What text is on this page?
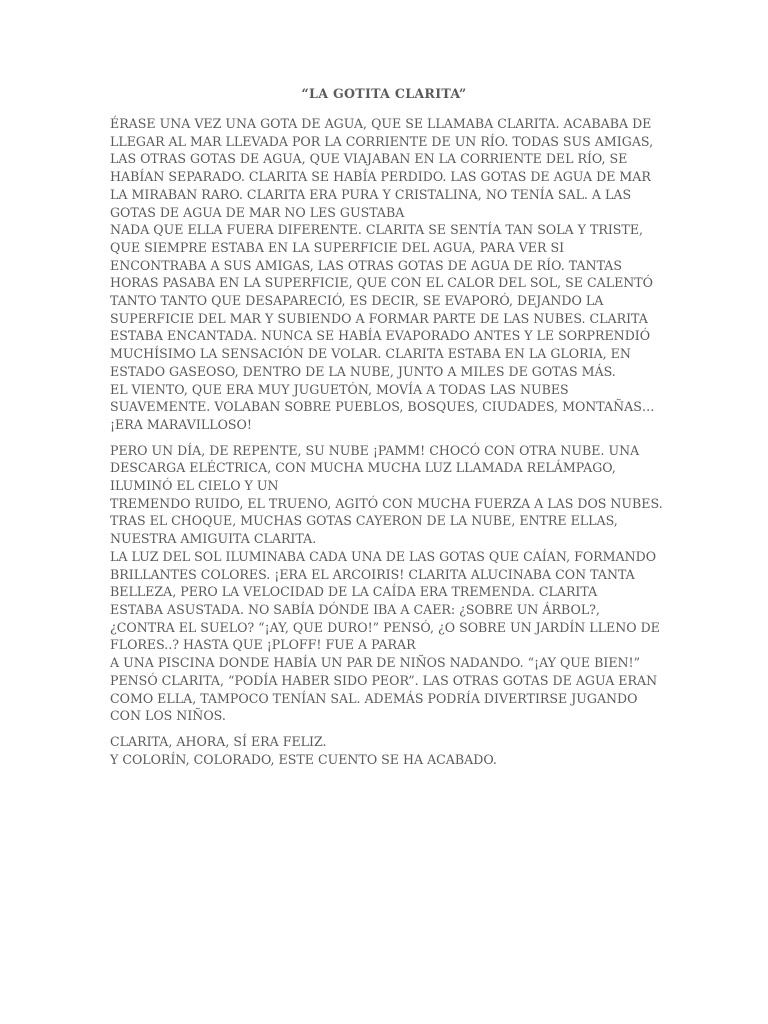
“LA GOTITA CLARITA”

ÉRASE UNA VEZ UNA GOTA DE AGUA, QUE SE LLAMABA CLARITA. ACABABA DE
LLEGAR AL MAR LLEVADA POR LA CORRIENTE DE UN RÍO. TODAS SUS AMIGAS,
LAS OTRAS GOTAS DE AGUA, QUE VIAJABAN EN LA CORRIENTE DEL RÍO, SE
HABÍAN SEPARADO. CLARITA SE HABÍA PERDIDO. LAS GOTAS DE AGUA DE MAR
LA MIRABAN RARO. CLARITA ERA PURA Y CRISTALINA, NO TENÍA SAL. A LAS
GOTAS DE AGUA DE MAR NO LES GUSTABA
NADA QUE ELLA FUERA DIFERENTE. CLARITA SE SENTÍA TAN SOLA Y TRISTE,
QUE SIEMPRE ESTABA EN LA SUPERFICIE DEL AGUA, PARA VER SI
ENCONTRABA A SUS AMIGAS, LAS OTRAS GOTAS DE AGUA DE RÍO. TANTAS
HORAS PASABA EN LA SUPERFICIE, QUE CON EL CALOR DEL SOL, SE CALENTÓ
TANTO TANTO QUE DESAPARECIÓ, ES DECIR, SE EVAPORÓ, DEJANDO LA
SUPERFICIE DEL MAR Y SUBIENDO A FORMAR PARTE DE LAS NUBES. CLARITA
ESTABA ENCANTADA. NUNCA SE HABÍA EVAPORADO ANTES Y LE SORPRENDIÓ
MUCHÍSIMO LA SENSACIÓN DE VOLAR. CLARITA ESTABA EN LA GLORIA, EN
ESTADO GASEOSO, DENTRO DE LA NUBE, JUNTO A MILES DE GOTAS MÁS.
EL VIENTO, QUE ERA MUY JUGUETÓN, MOVÍA A TODAS LAS NUBES
SUAVEMENTE. VOLABAN SOBRE PUEBLOS, BOSQUES, CIUDADES, MONTAÑAS…
¡ERA MARAVILLOSO!

PERO UN DÍA, DE REPENTE, SU NUBE ¡PAMM! CHOCÓ CON OTRA NUBE. UNA
DESCARGA ELÉCTRICA, CON MUCHA MUCHA LUZ LLAMADA RELÁMPAGO,
ILUMINÓ EL CIELO Y UN
TREMENDO RUIDO, EL TRUENO, AGITÓ CON MUCHA FUERZA A LAS DOS NUBES.
TRAS EL CHOQUE, MUCHAS GOTAS CAYERON DE LA NUBE, ENTRE ELLAS,
NUESTRA AMIGUITA CLARITA.
LA LUZ DEL SOL ILUMINABA CADA UNA DE LAS GOTAS QUE CAÍAN, FORMANDO
BRILLANTES COLORES. ¡ERA EL ARCOIRIS! CLARITA ALUCINABA CON TANTA
BELLEZA, PERO LA VELOCIDAD DE LA CAÍDA ERA TREMENDA. CLARITA
ESTABA ASUSTADA. NO SABÍA DÓNDE IBA A CAER: ¿SOBRE UN ÁRBOL?,
¿CONTRA EL SUELO? “¡AY, QUE DURO!” PENSÓ, ¿O SOBRE UN JARDÍN LLENO DE
FLORES..? HASTA QUE ¡PLOFF! FUE A PARAR
A UNA PISCINA DONDE HABÍA UN PAR DE NIÑOS NADANDO. “¡AY QUE BIEN!”
PENSÓ CLARITA, “PODÍA HABER SIDO PEOR”. LAS OTRAS GOTAS DE AGUA ERAN
COMO ELLA, TAMPOCO TENÍAN SAL. ADEMÁS PODRÍA DIVERTIRSE JUGANDO
CON LOS NIÑOS.

CLARITA, AHORA, SÍ ERA FELIZ.
Y COLORÍN, COLORADO, ESTE CUENTO SE HA ACABADO.
